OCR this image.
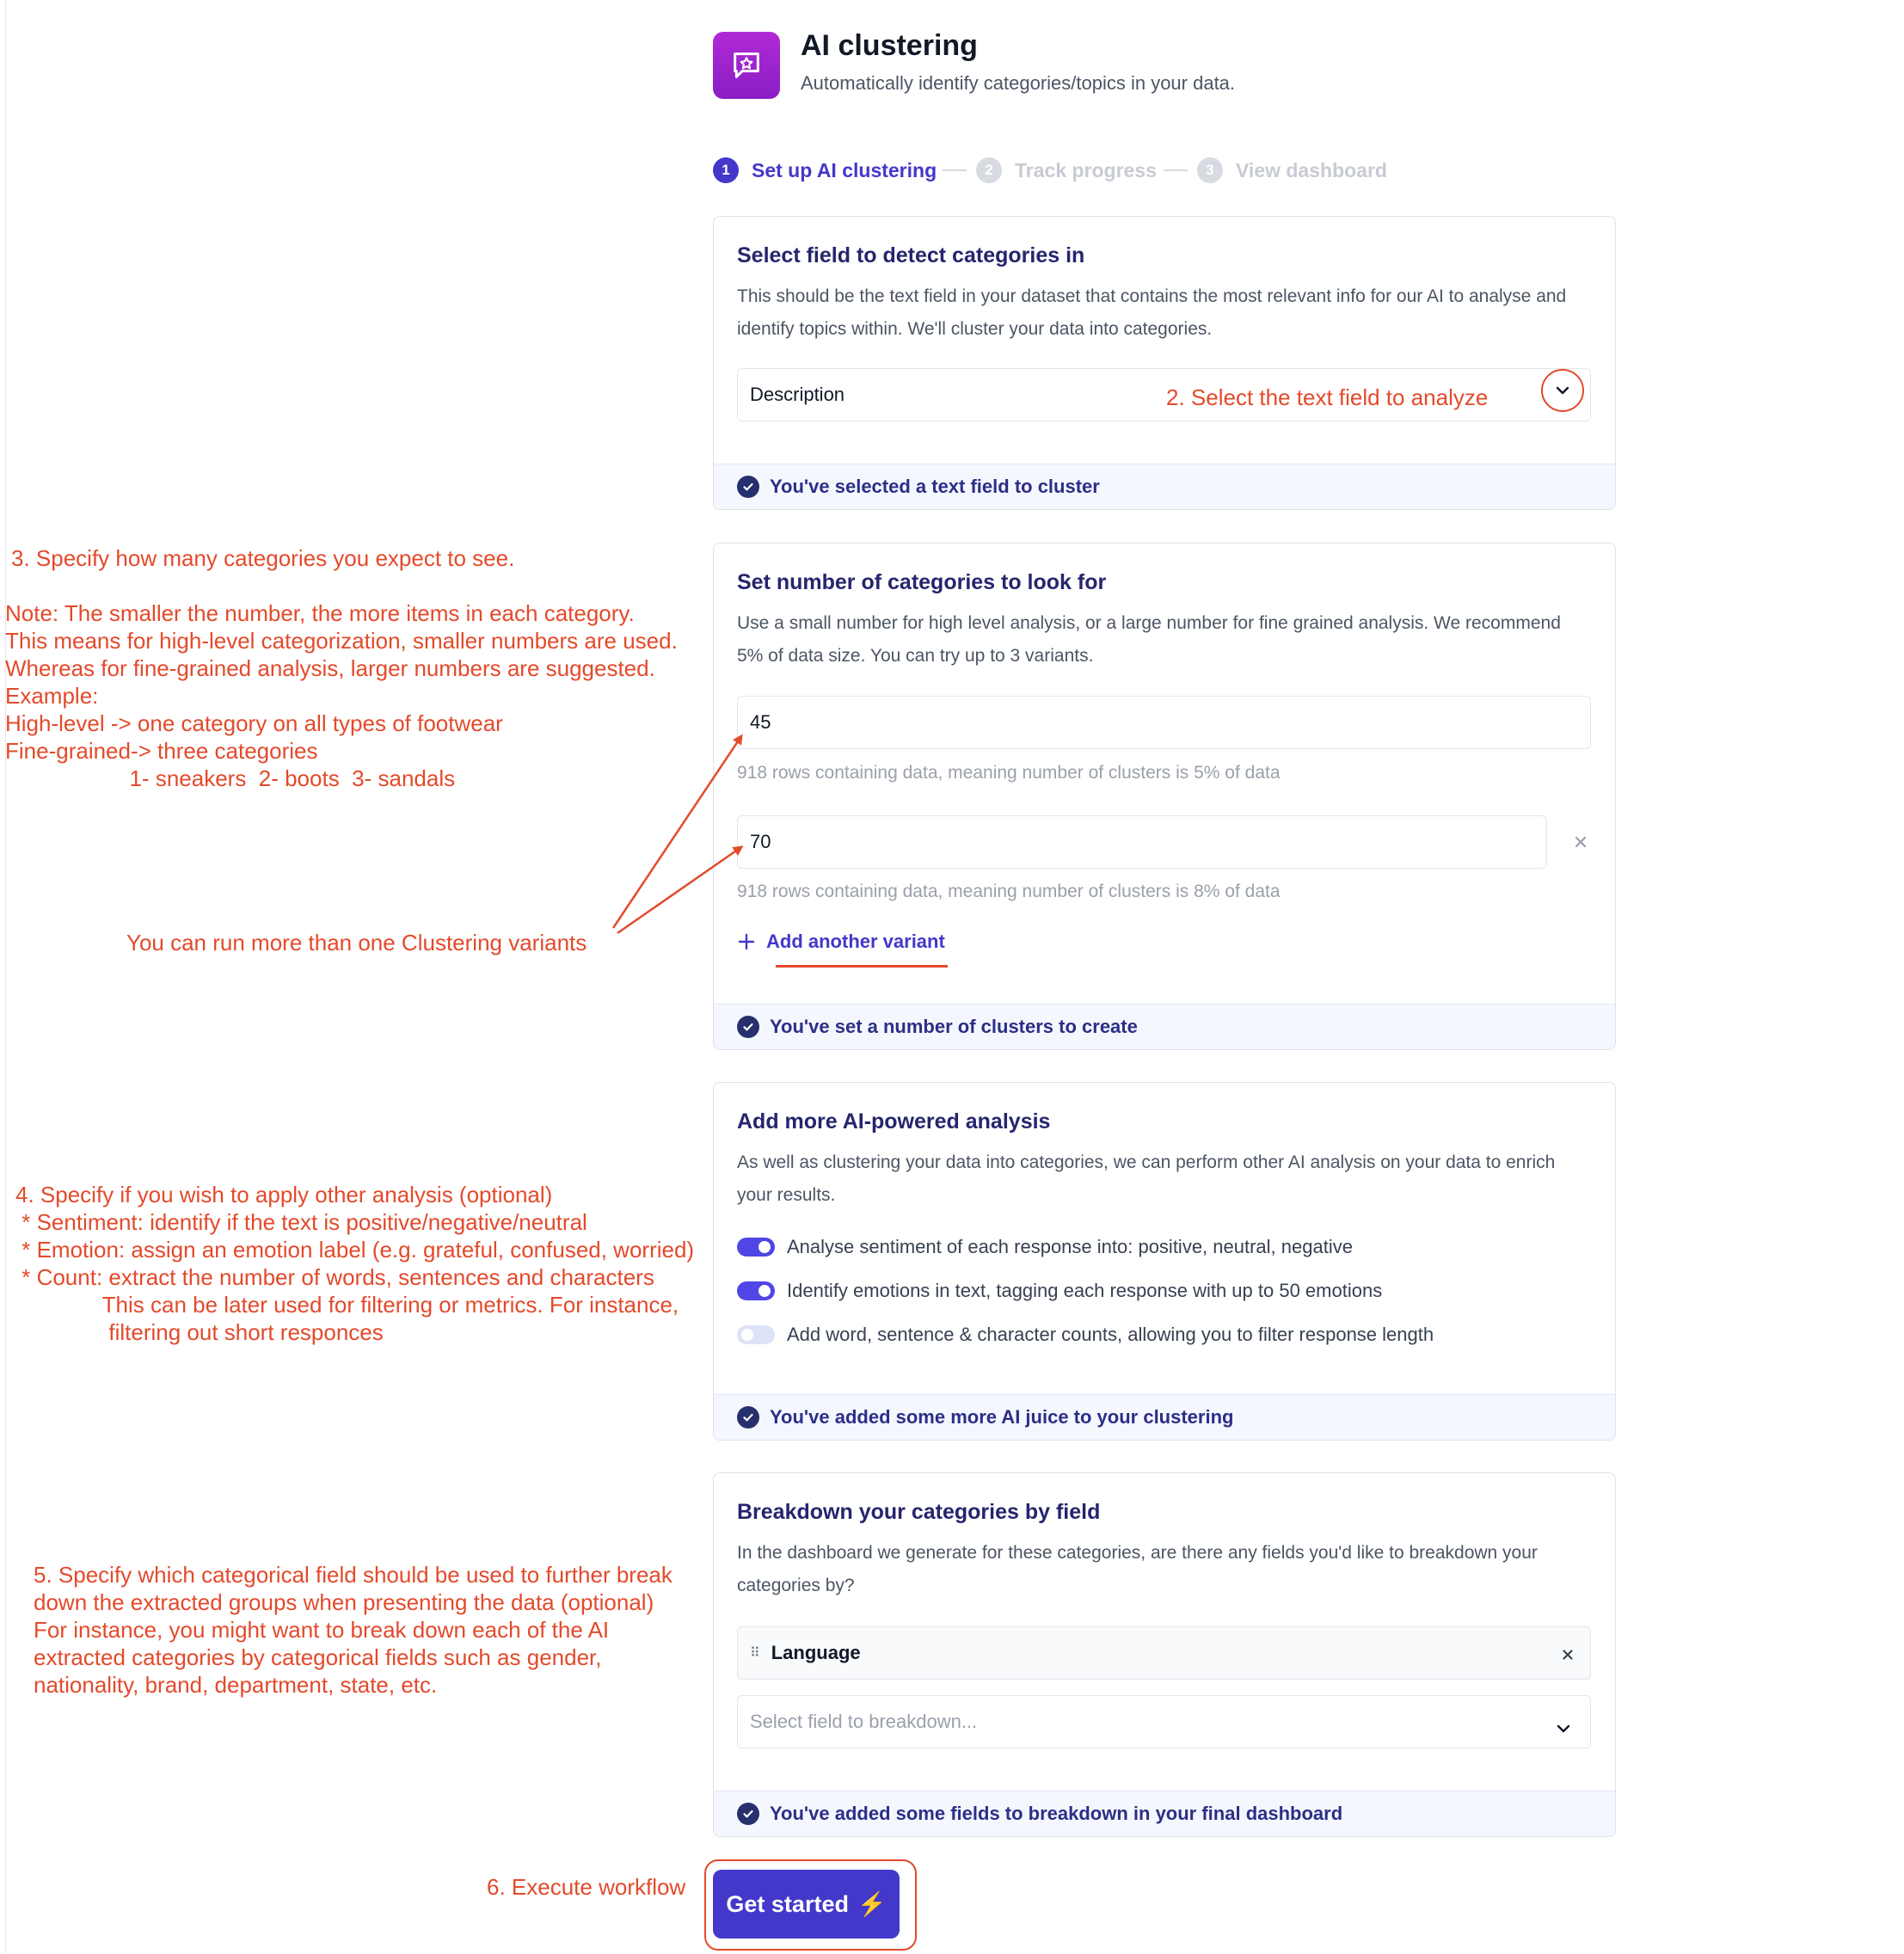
AI clustering
Automatically identify categories/topics in your data.
1	Set up AI clustering	2	Track progress	3	View dashboard
Select field to detect categories in
This should be the text field in your dataset that contains the most relevant info for our AI to analyse and identify topics within. We'll cluster your data into categories.
Description
You've selected a text field to cluster
2. Select the text field to analyze
Set number of categories to look for
Use a small number for high level analysis, or a large number for fine grained analysis. We recommend 5% of data size. You can try up to 3 variants.
45
918 rows containing data, meaning number of clusters is 5% of data
70
918 rows containing data, meaning number of clusters is 8% of data
Add another variant
You've set a number of clusters to create
Add more AI-powered analysis
As well as clustering your data into categories, we can perform other AI analysis on your data to enrich your results.
Analyse sentiment of each response into: positive, neutral, negative
Identify emotions in text, tagging each response with up to 50 emotions
Add word, sentence & character counts, allowing you to filter response length
You've added some more AI juice to your clustering
Breakdown your categories by field
In the dashboard we generate for these categories, are there any fields you'd like to breakdown your categories by?
⠿ Language
Select field to breakdown...
You've added some fields to breakdown in your final dashboard
Get started ⚡
3. Specify how many categories you expect to see.
Note: The smaller the number, the more items in each category.
This means for high-level categorization, smaller numbers are used.
Whereas for fine-grained analysis, larger numbers are suggested.
Example:
High-level -> one category on all types of footwear
Fine-grained-> three categories
1- sneakers  2- boots  3- sandals
You can run more than one Clustering variants
4. Specify if you wish to apply other analysis (optional)
* Sentiment: identify if the text is positive/negative/neutral
* Emotion: assign an emotion label (e.g. grateful, confused, worried)
* Count: extract the number of words, sentences and characters
This can be later used for filtering or metrics. For instance,
filtering out short responces
5. Specify which categorical field should be used to further break
down the extracted groups when presenting the data (optional)
For instance, you might want to break down each of the AI
extracted categories by categorical fields such as gender,
nationality, brand, department, state, etc.
6. Execute workflow
